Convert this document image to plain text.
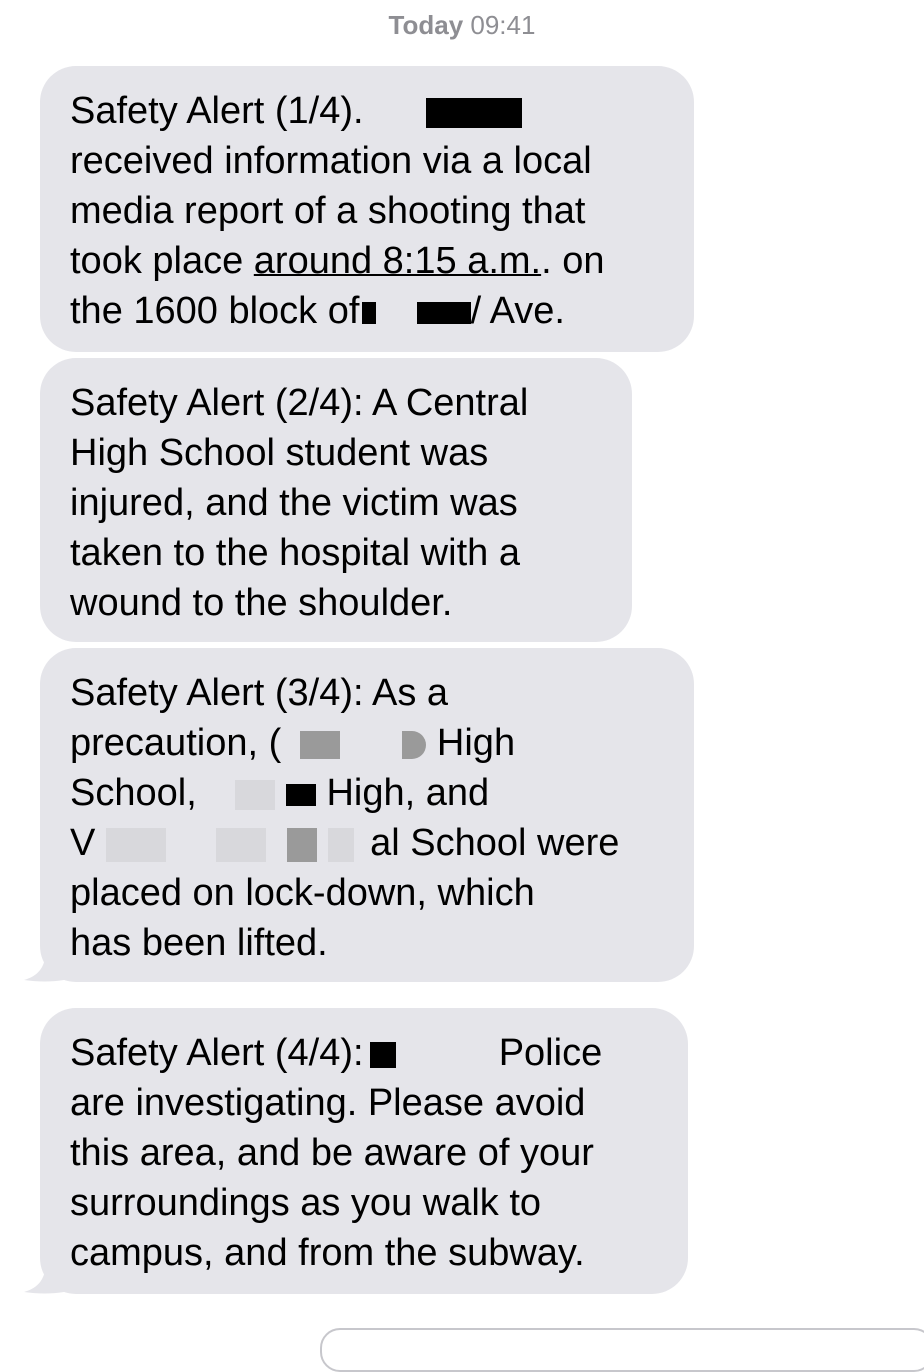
Today 09:41
Safety Alert (1/4).
received information via a local
media report of a shooting that
took place around 8:15 a.m.. on
the 1600 block of	/ Ave.
Safety Alert (2/4): A Central
High School student was
injured, and the victim was
taken to the hospital with a
wound to the shoulder.
Safety Alert (3/4): As a
precaution, (	High
School,	High, and
V	al School were
placed on lock-down, which
has been lifted.
Safety Alert (4/4):	Police
are investigating. Please avoid
this area, and be aware of your
surroundings as you walk to
campus, and from the subway.
